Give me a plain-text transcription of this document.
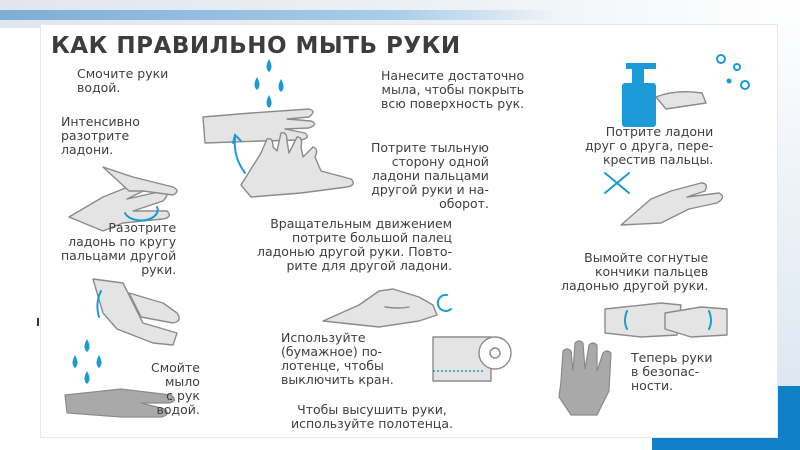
КАК ПРАВИЛЬНО МЫТЬ РУКИ
Смочите руки
водой.
Нанесите достаточно
мыла, чтобы покрыть
всю поверхность рук.
Интенсивно
разотрите
ладони.	Потрите тыльную
сторону одной
ладони пальцами
другой руки и на-
оборот.
Потрите ладони
друг о друга, пере-
крестив пальцы.
Разотрите
ладонь по кругу
пальцами другой
руки.
Вращательным движением
потрите большой палец
ладонью другой руки. Повто-
рите для другой ладони.
Вымойте согнутые
кончики пальцев
ладонью другой руки.
Смойте
мыло
с рук
водой.
Используйте
(бумажное) по-
лотенце, чтобы
выключить кран.
Теперь руки
в безопас-
ности.
Чтобы высушить руки,
используйте полотенца.
